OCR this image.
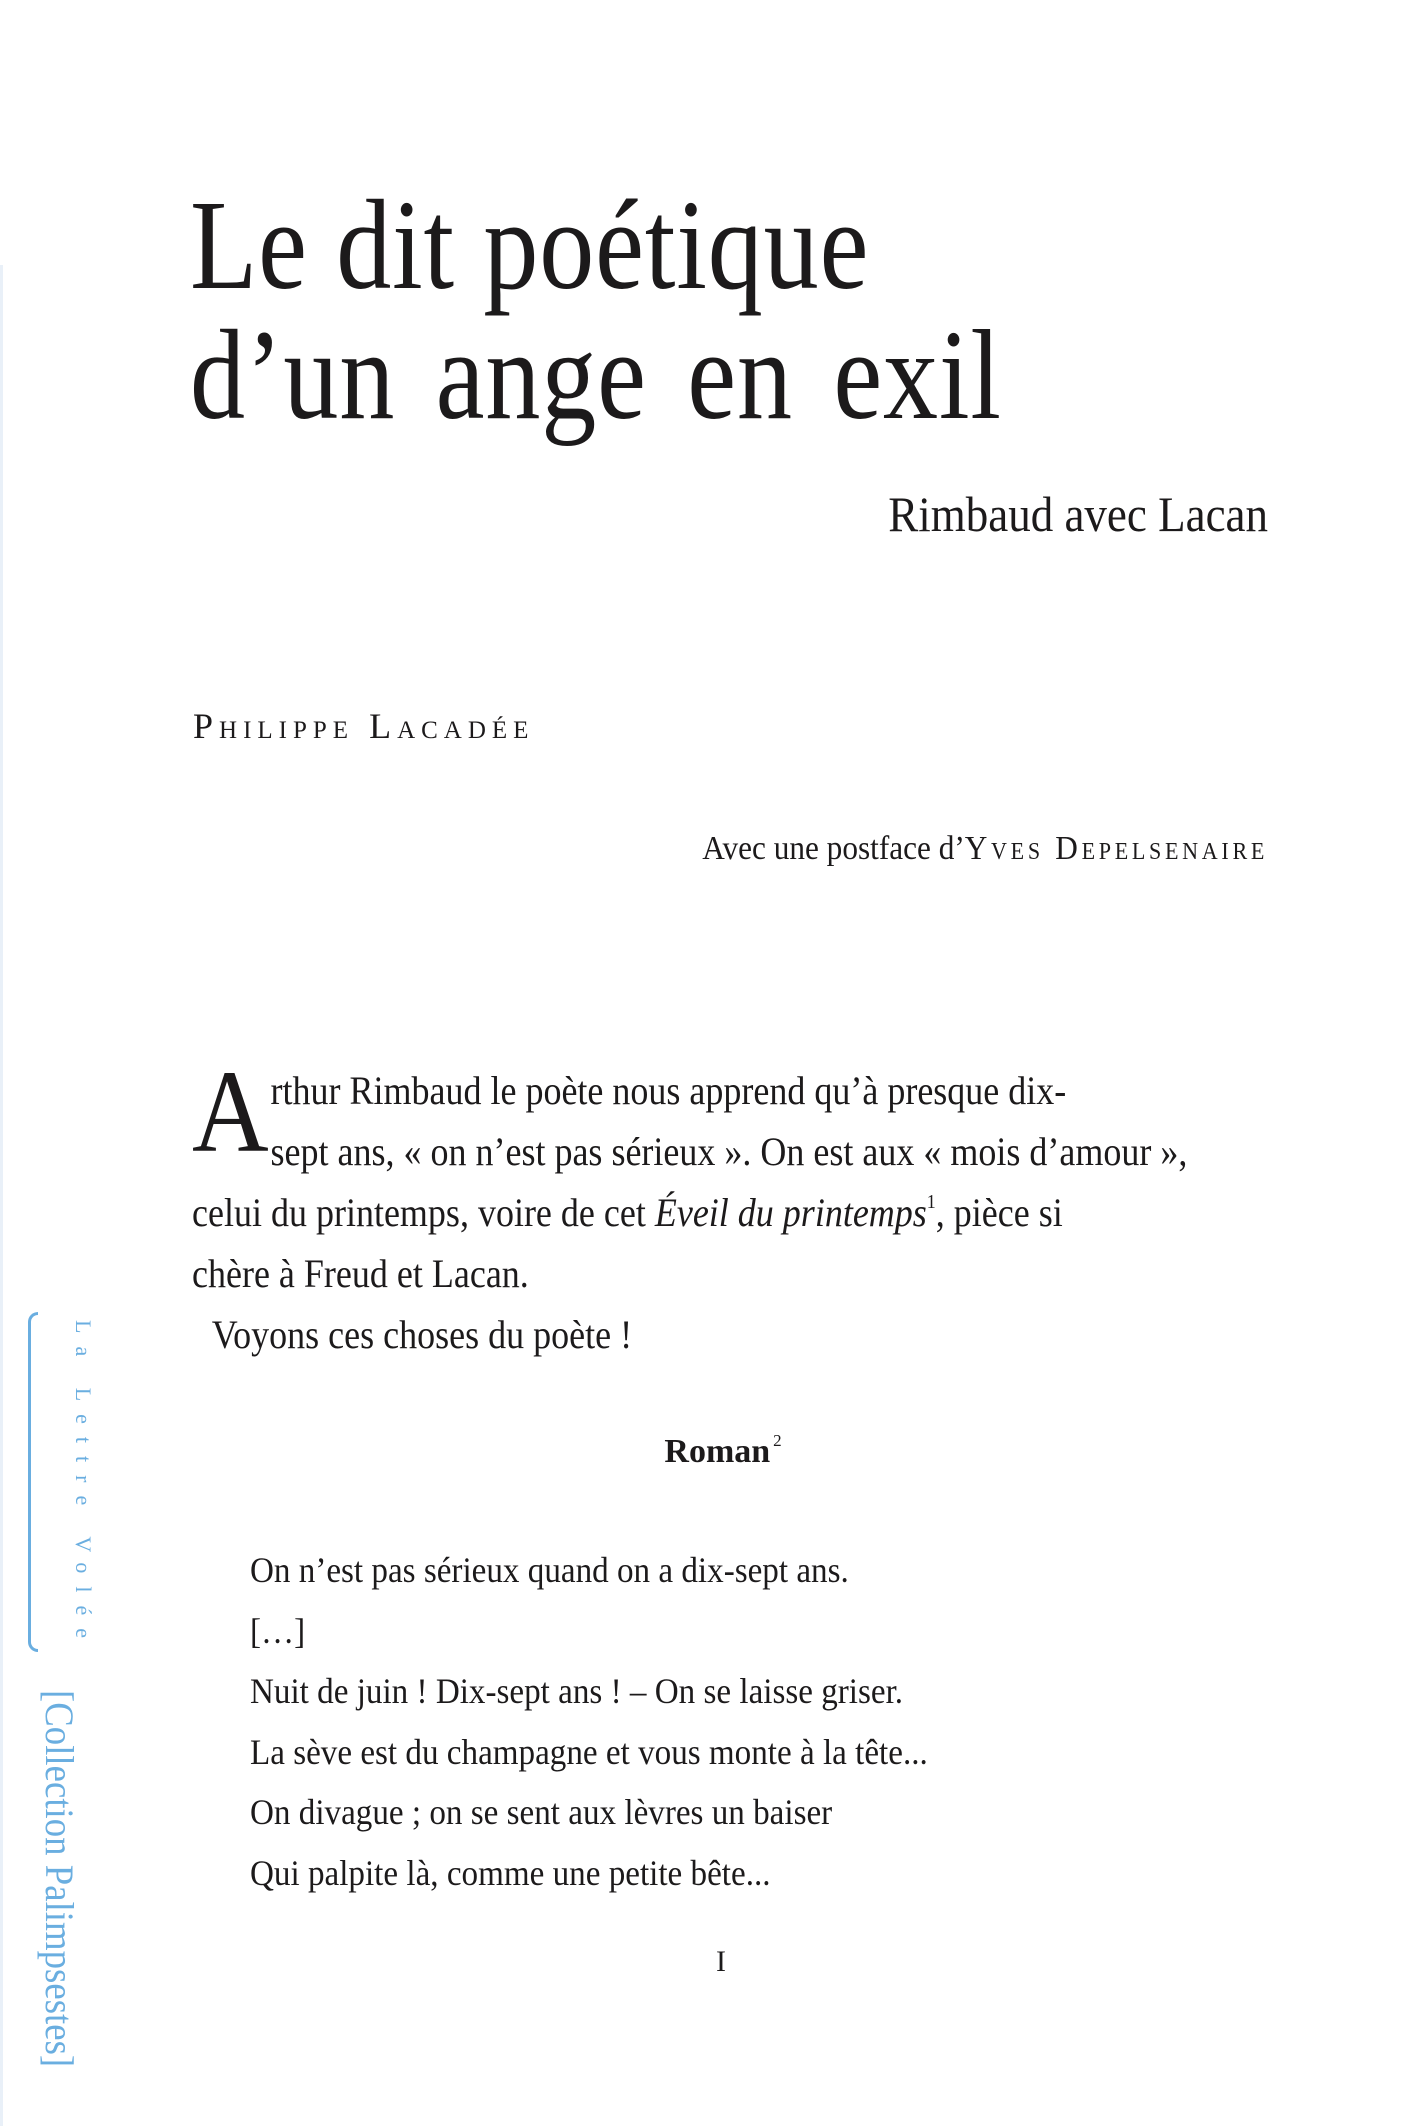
Le dit poétique
d’un ange en exil
Rimbaud avec Lacan
Philippe Lacadée
Avec une postface d’Yves Depelsenaire
A rthur Rimbaud le poète nous apprend qu’à presque dix-
sept ans, « on n’est pas sérieux ». On est aux « mois d’amour »,
celui du printemps, voire de cet Éveil du printemps$^1$, pièce si
chère à Freud et Lacan.
Voyons ces choses du poète !
Roman  $^2$
On n’est pas sérieux quand on a dix-sept ans.
[…]
Nuit de juin ! Dix-sept ans ! – On se laisse griser.
La sève est du champagne et vous monte à la tête...
On divague ; on se sent aux lèvres un baiser
Qui palpite là, comme une petite bête...
I
La Lettre Volée
[Collection Palimpsestes]
